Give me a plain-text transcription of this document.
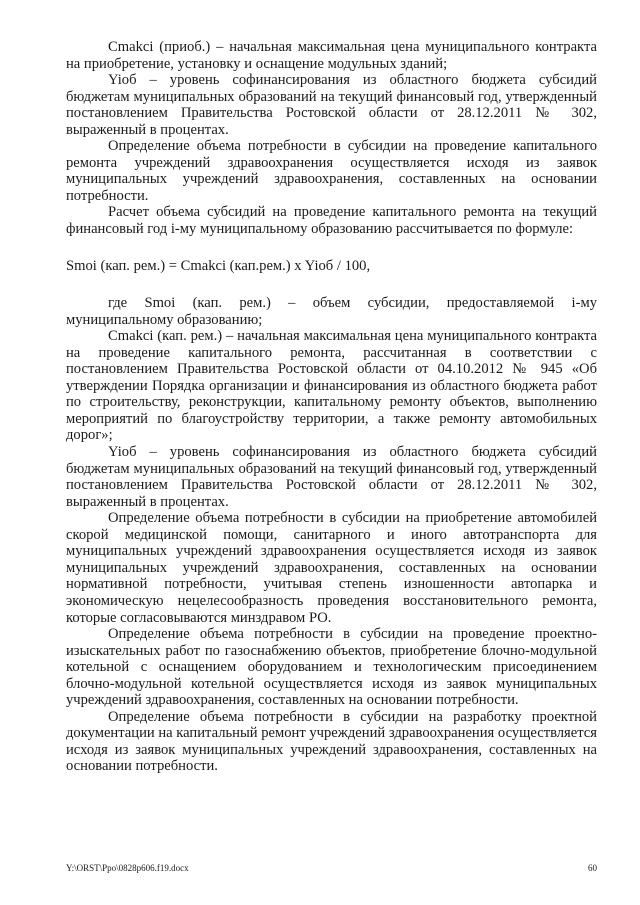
Cmakci (приоб.) – начальная максимальная цена муниципального контракта на приобретение, установку и оснащение модульных зданий;

Yiоб – уровень софинансирования из областного бюджета субсидий бюджетам муниципальных образований на текущий финансовый год, утвержденный постановлением Правительства Ростовской области от 28.12.2011 № 302, выраженный в процентах.

Определение объема потребности в субсидии на проведение капитального ремонта учреждений здравоохранения осуществляется исходя из заявок муниципальных учреждений здравоохранения, составленных на основании потребности.

Расчет объема субсидий на проведение капитального ремонта на текущий финансовый год i-му муниципальному образованию рассчитывается по формуле:

Smoi (кап. рем.) = Cmakci (кап.рем.) x Yiоб / 100,

где Smoi (кап. рем.) – объем субсидии, предоставляемой i-му муниципальному образованию;

Cmakci (кап. рем.) – начальная максимальная цена муниципального контракта на проведение капитального ремонта, рассчитанная в соответствии с постановлением Правительства Ростовской области от 04.10.2012 № 945 «Об утверждении Порядка организации и финансирования из областного бюджета работ по строительству, реконструкции, капитальному ремонту объектов, выполнению мероприятий по благоустройству территории, а также ремонту автомобильных дорог»;

Yiоб – уровень софинансирования из областного бюджета субсидий бюджетам муниципальных образований на текущий финансовый год, утвержденный постановлением Правительства Ростовской области от 28.12.2011 № 302, выраженный в процентах.

Определение объема потребности в субсидии на приобретение автомобилей скорой медицинской помощи, санитарного и иного автотранспорта для муниципальных учреждений здравоохранения осуществляется исходя из заявок муниципальных учреждений здравоохранения, составленных на основании нормативной потребности, учитывая степень изношенности автопарка и экономическую нецелесообразность проведения восстановительного ремонта, которые согласовываются минздравом РО.

Определение объема потребности в субсидии на проведение проектно-изыскательных работ по газоснабжению объектов, приобретение блочно-модульной котельной с оснащением оборудованием и технологическим присоединением блочно-модульной котельной осуществляется исходя из заявок муниципальных учреждений здравоохранения, составленных на основании потребности.

Определение объема потребности в субсидии на разработку проектной документации на капитальный ремонт учреждений здравоохранения осуществляется исходя из заявок муниципальных учреждений здравоохранения, составленных на основании потребности.

Y:\ORST\Ppo\0828p606.f19.docx	60
